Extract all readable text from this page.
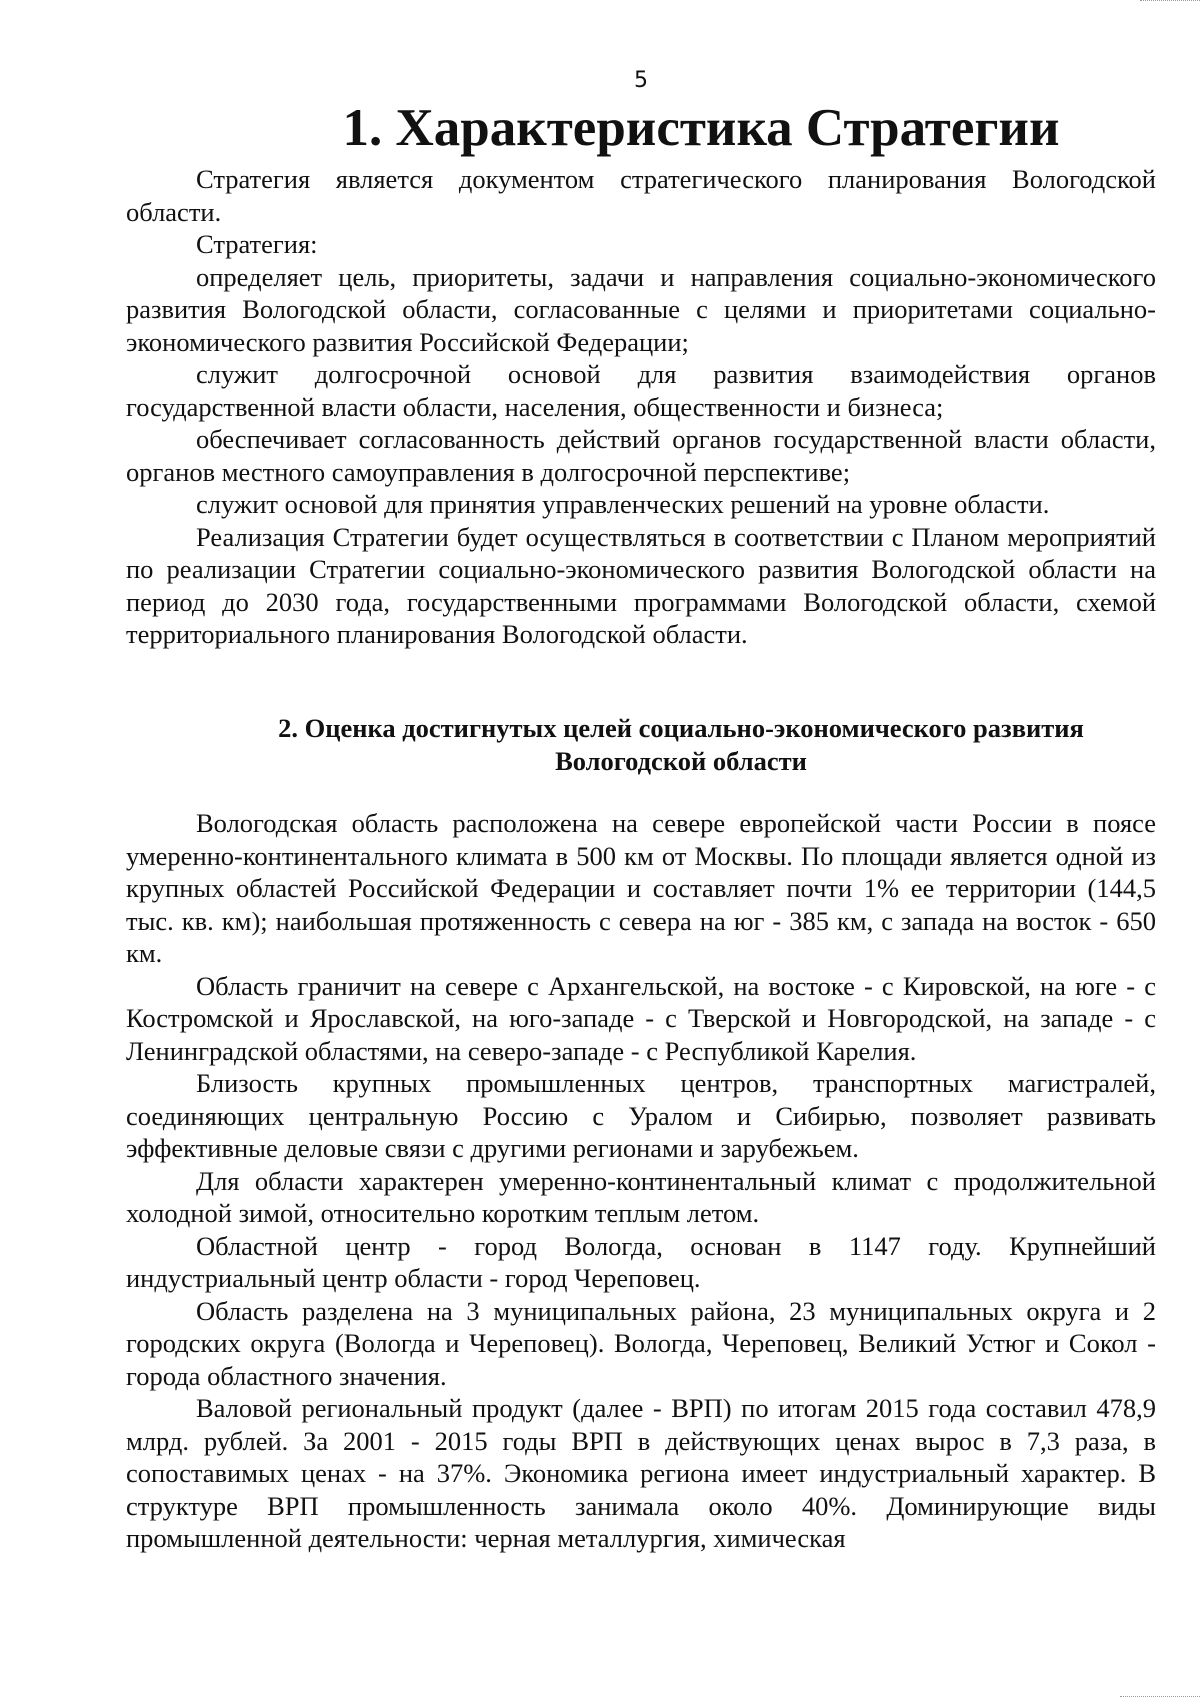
5
1. Характеристика Стратегии

Стратегия является документом стратегического планирования Вологодской области.

Стратегия:

определяет цель, приоритеты, задачи и направления социально-экономического развития Вологодской области, согласованные с целями и приоритетами социально-экономического развития Российской Федерации;

служит долгосрочной основой для развития взаимодействия органов государственной власти области, населения, общественности и бизнеса;

обеспечивает согласованность действий органов государственной власти области, органов местного самоуправления в долгосрочной перспективе;

служит основой для принятия управленческих решений на уровне области.

Реализация Стратегии будет осуществляться в соответствии с Планом мероприятий по реализации Стратегии социально-экономического развития Вологодской области на период до 2030 года, государственными программами Вологодской области, схемой территориального планирования Вологодской области.

2. Оценка достигнутых целей социально-экономического развития
Вологодской области

Вологодская область расположена на севере европейской части России в поясе умеренно-континентального климата в 500 км от Москвы. По площади является одной из крупных областей Российской Федерации и составляет почти 1% ее территории (144,5 тыс. кв. км); наибольшая протяженность с севера на юг - 385 км, с запада на восток - 650 км.

Область граничит на севере с Архангельской, на востоке - с Кировской, на юге - с Костромской и Ярославской, на юго-западе - с Тверской и Новгородской, на западе - с Ленинградской областями, на северо-западе - с Республикой Карелия.

Близость крупных промышленных центров, транспортных магистралей, соединяющих центральную Россию с Уралом и Сибирью, позволяет развивать эффективные деловые связи с другими регионами и зарубежьем.

Для области характерен умеренно-континентальный климат с продолжительной холодной зимой, относительно коротким теплым летом.

Областной центр - город Вологда, основан в 1147 году. Крупнейший индустриальный центр области - город Череповец.

Область разделена на 3 муниципальных района, 23 муниципальных округа и 2 городских округа (Вологда и Череповец). Вологда, Череповец, Великий Устюг и Сокол - города областного значения.

Валовой региональный продукт (далее - ВРП) по итогам 2015 года составил 478,9 млрд. рублей. За 2001 - 2015 годы ВРП в действующих ценах вырос в 7,3 раза, в сопоставимых ценах - на 37%. Экономика региона имеет индустриальный характер. В структуре ВРП промышленность занимала около 40%. Доминирующие виды промышленной деятельности: черная металлургия, химическая
